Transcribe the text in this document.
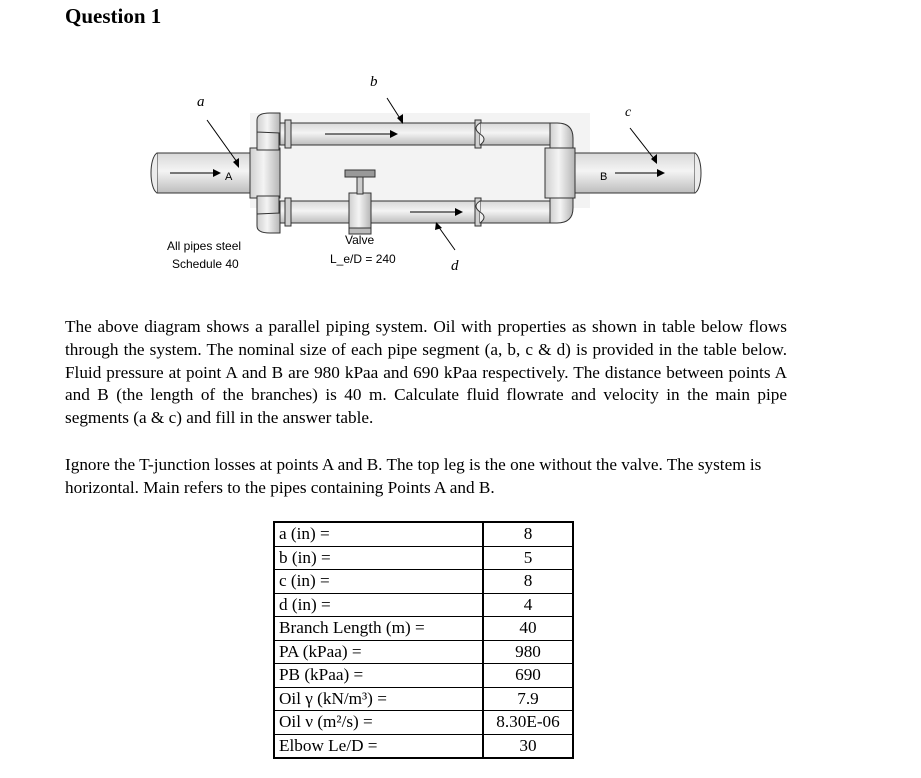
Question 1
A	B
a
b
c
d
All pipes steel
Schedule 40
Valve
L_e/D = 240
The above diagram shows a parallel piping system. Oil with properties as shown in table below flows through the system. The nominal size of each pipe segment (a, b, c & d) is provided in the table below. Fluid pressure at point A and B are 980 kPaa and 690 kPaa respectively. The distance between points A and B (the length of the branches) is 40 m. Calculate fluid flowrate and velocity in the main pipe segments (a & c) and fill in the answer table.
Ignore the T-junction losses at points A and B. The top leg is the one without the valve. The system is horizontal. Main refers to the pipes containing Points A and B.
a (in) =	8
b (in) =	5
c (in) =	8
d (in) =	4
Branch Length (m) =	40
PA (kPaa) =	980
PB (kPaa) =	690
Oil γ (kN/m³) =	7.9
Oil ν (m²/s) =	8.30E-06
Elbow Le/D =	30
